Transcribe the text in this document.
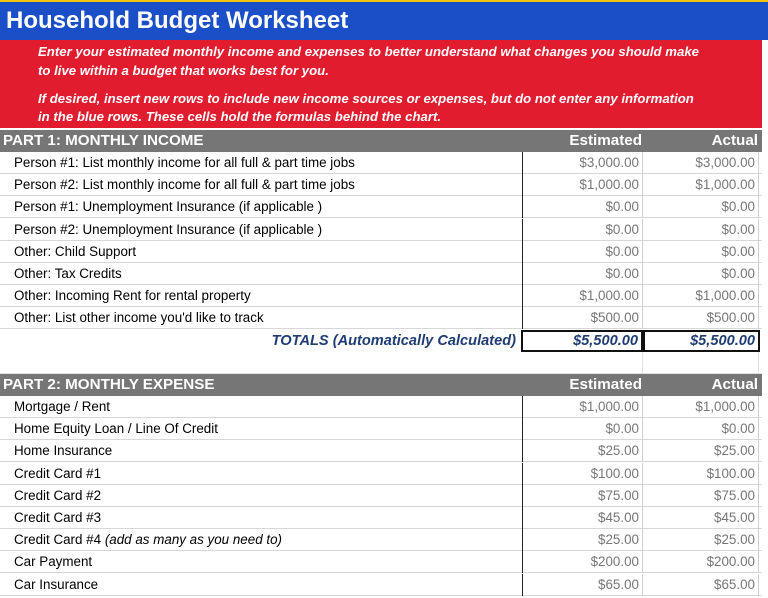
Household Budget Worksheet
Enter your estimated monthly income and expenses to better understand what changes you should make
to live within a budget that works best for you.
If desired, insert new rows to include new income sources or expenses, but do not enter any information
in the blue rows. These cells hold the formulas behind the chart.
PART 1: MONTHLY INCOME	Estimated	Actual
Person #1: List monthly income for all full & part time jobs	$3,000.00	$3,000.00
Person #2: List monthly income for all full & part time jobs	$1,000.00	$1,000.00
Person #1: Unemployment Insurance (if applicable )	$0.00	$0.00
Person #2: Unemployment Insurance (if applicable )	$0.00	$0.00
Other: Child Support	$0.00	$0.00
Other: Tax Credits	$0.00	$0.00
Other: Incoming Rent for rental property	$1,000.00	$1,000.00
Other: List other income you'd like to track	$500.00	$500.00
TOTALS (Automatically Calculated)	$5,500.00	$5,500.00
PART 2: MONTHLY EXPENSE	Estimated	Actual
Mortgage / Rent	$1,000.00	$1,000.00
Home Equity Loan / Line Of Credit	$0.00	$0.00
Home Insurance	$25.00	$25.00
Credit Card #1	$100.00	$100.00
Credit Card #2	$75.00	$75.00
Credit Card #3	$45.00	$45.00
Credit Card #4 (add as many as you need to)	$25.00	$25.00
Car Payment	$200.00	$200.00
Car Insurance	$65.00	$65.00
